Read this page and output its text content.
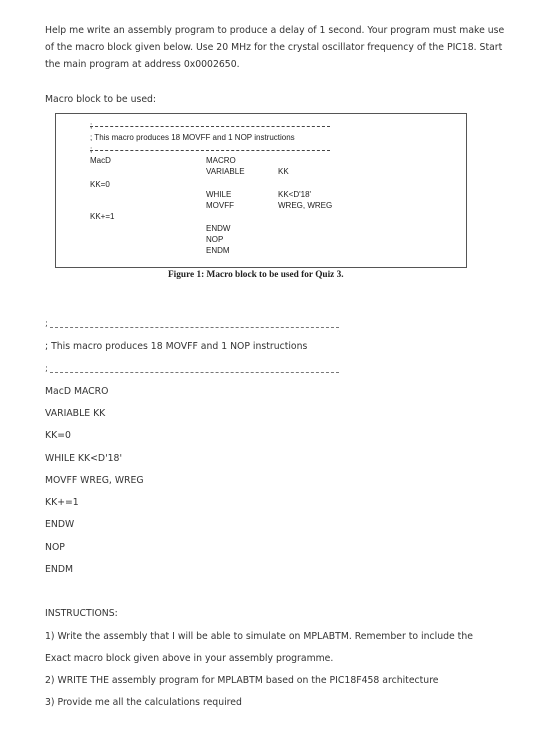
Help me write an assembly program to produce a delay of 1 second. Your program must make use of the macro block given below. Use 20 MHz for the crystal oscillator frequency of the PIC18. Start the main program at address 0x0002650.
Macro block to be used:
;
; This macro produces 18 MOVFF and 1 NOP instructions
;
MacD	MACRO
VARIABLE	KK
KK=0
WHILE	KK<D'18'
MOVFF	WREG, WREG
KK+=1
ENDW
NOP
ENDM
Figure 1: Macro block to be used for Quiz 3.
;
; This macro produces 18 MOVFF and 1 NOP instructions
;
MacD MACRO
VARIABLE KK
KK=0
WHILE KK<D'18'
MOVFF WREG, WREG
KK+=1
ENDW
NOP
ENDM
INSTRUCTIONS:
1) Write the assembly that I will be able to simulate on MPLABTM. Remember to include the
Exact macro block given above in your assembly programme.
2) WRITE THE assembly program for MPLABTM based on the PIC18F458 architecture
3) Provide me all the calculations required
